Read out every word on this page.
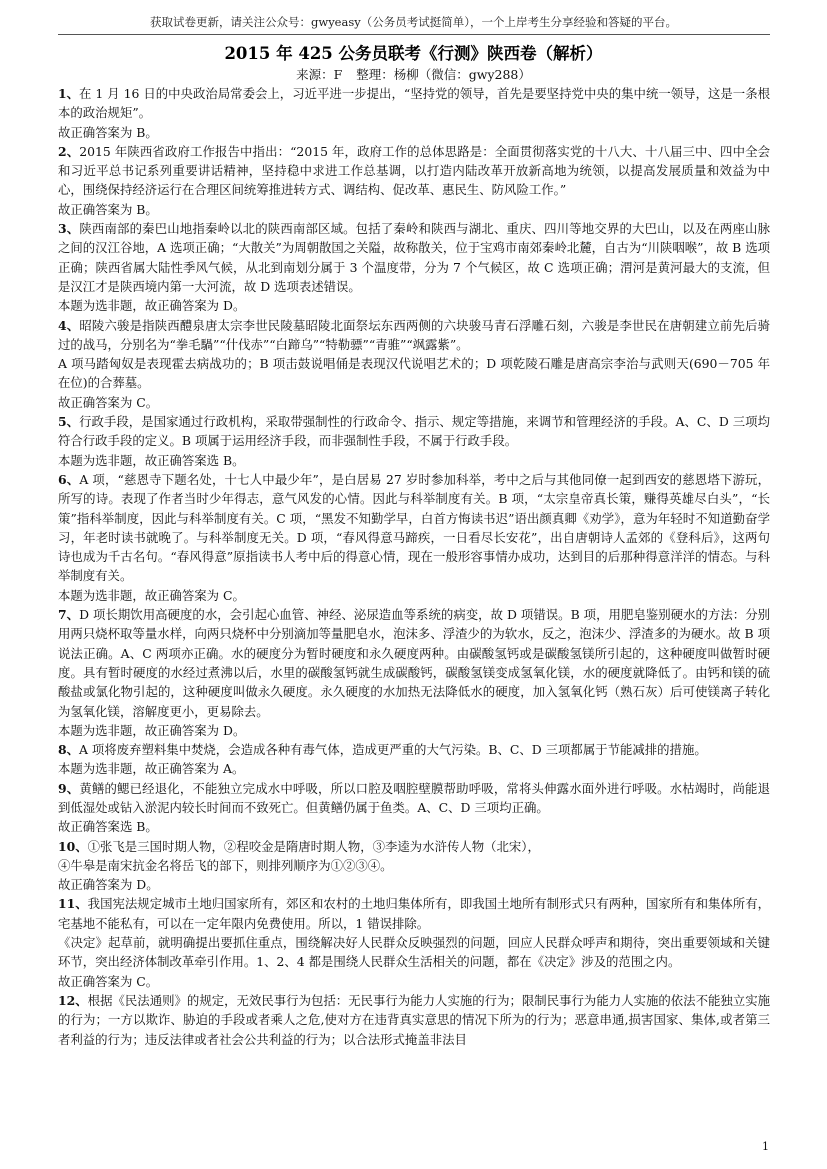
获取试卷更新，请关注公众号：gwyeasy（公务员考试挺简单），一个上岸考生分享经验和答疑的平台。
2015 年 425 公务员联考《行测》陕西卷（解析）
来源：F 整理：杨柳（微信：gwy288）

1、在 1 月 16 日的中央政治局常委会上，习近平进一步提出，“坚持党的领导，首先是要坚持党中央的集中统一领导，这是一条根本的政治规矩”。

故正确答案为 B。

2、2015 年陕西省政府工作报告中指出：“2015 年，政府工作的总体思路是：全面贯彻落实党的十八大、十八届三中、四中全会和习近平总书记系列重要讲话精神，坚持稳中求进工作总基调，以打造内陆改革开放新高地为统领，以提高发展质量和效益为中心，围绕保持经济运行在合理区间统筹推进转方式、调结构、促改革、惠民生、防风险工作。”

故正确答案为 B。

3、陕西南部的秦巴山地指秦岭以北的陕西南部区域。包括了秦岭和陕西与湖北、重庆、四川等地交界的大巴山，以及在两座山脉之间的汉江谷地，A 选项正确；“大散关”为周朝散国之关隘，故称散关，位于宝鸡市南郊秦岭北麓，自古为“川陕咽喉”，故 B 选项正确；陕西省属大陆性季风气候，从北到南划分属于 3 个温度带，分为 7 个气候区，故 C 选项正确；渭河是黄河最大的支流，但是汉江才是陕西境内第一大河流，故 D 选项表述错误。

本题为选非题，故正确答案为 D。

4、昭陵六骏是指陕西醴泉唐太宗李世民陵墓昭陵北面祭坛东西两侧的六块骏马青石浮雕石刻，六骏是李世民在唐朝建立前先后骑过的战马，分别名为“拳毛騧”“什伐赤”“白蹄乌”“特勒骠”“青骓”“飒露紫”。

A 项马踏匈奴是表现霍去病战功的；B 项击鼓说唱俑是表现汉代说唱艺术的；D 项乾陵石雕是唐高宗李治与武则天(690－705 年在位)的合葬墓。

故正确答案为 C。

5、行政手段，是国家通过行政机构，采取带强制性的行政命令、指示、规定等措施，来调节和管理经济的手段。A、C、D 三项均符合行政手段的定义。B 项属于运用经济手段，而非强制性手段，不属于行政手段。

本题为选非题，故正确答案选 B。

6、A 项，“慈恩寺下题名处，十七人中最少年”，是白居易 27 岁时参加科举，考中之后与其他同僚一起到西安的慈恩塔下游玩，所写的诗。表现了作者当时少年得志，意气风发的心情。因此与科举制度有关。B 项，“太宗皇帝真长策，赚得英雄尽白头”，“长策”指科举制度，因此与科举制度有关。C 项，“黑发不知勤学早，白首方悔读书迟”语出颜真卿《劝学》，意为年轻时不知道勤奋学习，年老时读书就晚了。与科举制度无关。D 项，“春风得意马蹄疾，一日看尽长安花”，出自唐朝诗人孟郊的《登科后》，这两句诗也成为千古名句。“春风得意”原指读书人考中后的得意心情，现在一般形容事情办成功，达到目的后那种得意洋洋的情态。与科举制度有关。

本题为选非题，故正确答案为 C。

7、D 项长期饮用高硬度的水，会引起心血管、神经、泌尿造血等系统的病变，故 D 项错误。B 项，用肥皂鉴别硬水的方法：分别用两只烧杯取等量水样，向两只烧杯中分别滴加等量肥皂水，泡沫多、浮渣少的为软水，反之，泡沫少、浮渣多的为硬水。故 B 项说法正确。A、C 两项亦正确。水的硬度分为暂时硬度和永久硬度两种。由碳酸氢钙或是碳酸氢镁所引起的，这种硬度叫做暂时硬度。具有暂时硬度的水经过煮沸以后，水里的碳酸氢钙就生成碳酸钙，碳酸氢镁变成氢氧化镁，水的硬度就降低了。由钙和镁的硫酸盐或氯化物引起的，这种硬度叫做永久硬度。永久硬度的水加热无法降低水的硬度，加入氢氧化钙（熟石灰）后可使镁离子转化为氢氧化镁，溶解度更小，更易除去。

本题为选非题，故正确答案为 D。

8、A 项将废弃塑料集中焚烧，会造成各种有毒气体，造成更严重的大气污染。B、C、D 三项都属于节能减排的措施。

本题为选非题，故正确答案为 A。

9、黄鳝的鳃已经退化，不能独立完成水中呼吸，所以口腔及咽腔壁膜帮助呼吸，常将头伸露水面外进行呼吸。水枯竭时，尚能退到低湿处或钻入淤泥内较长时间而不致死亡。但黄鳝仍属于鱼类。A、C、D 三项均正确。

故正确答案选 B。

10、①张飞是三国时期人物，②程咬金是隋唐时期人物，③李逵为水浒传人物（北宋），

④牛皋是南宋抗金名将岳飞的部下，则排列顺序为①②③④。

故正确答案为 D。

11、我国宪法规定城市土地归国家所有，郊区和农村的土地归集体所有，即我国土地所有制形式只有两种，国家所有和集体所有，宅基地不能私有，可以在一定年限内免费使用。所以，1 错误排除。

《决定》起草前，就明确提出要抓住重点，围绕解决好人民群众反映强烈的问题，回应人民群众呼声和期待，突出重要领域和关键环节，突出经济体制改革牵引作用。1、2、4 都是围绕人民群众生活相关的问题，都在《决定》涉及的范围之内。

故正确答案为 C。

12、根据《民法通则》的规定，无效民事行为包括：无民事行为能力人实施的行为；限制民事行为能力人实施的依法不能独立实施的行为；一方以欺诈、胁迫的手段或者乘人之危,使对方在违背真实意思的情况下所为的行为；恶意串通,损害国家、集体,或者第三者利益的行为；违反法律或者社会公共利益的行为；以合法形式掩盖非法目

1
